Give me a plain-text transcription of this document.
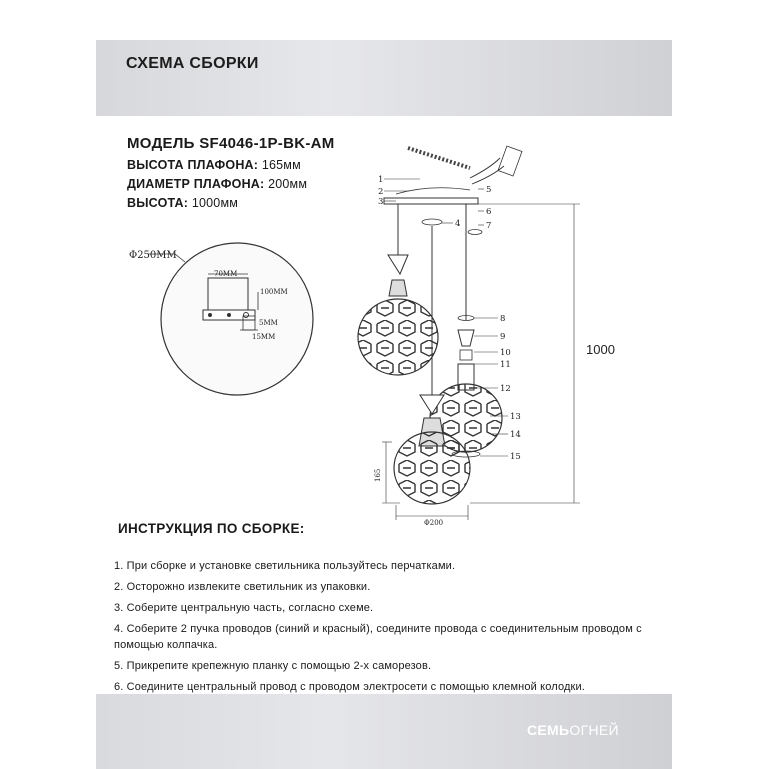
СХЕМА СБОРКИ
МОДЕЛЬ SF4046-1P-BK-AM
ВЫСОТА ПЛАФОНА: 165мм
ДИАМЕТР ПЛАФОНА: 200мм
ВЫСОТА: 1000мм
Φ250MM
70MM
100MM
5MM
15MM
1
2
3
4
5
6
7
8
9
10
11
12
13
14
15
1000
165
Φ200
ИНСТРУКЦИЯ ПО СБОРКЕ:
1. При сборке и установке светильника пользуйтесь перчатками.
2. Осторожно извлеките светильник из упаковки.
3. Соберите центральную часть, согласно схеме.
4. Соберите 2 пучка проводов (синий и красный), соедините провода с соединительным проводом с помощью колпачка.
5. Прикрепите крепежную планку с помощью 2-х саморезов.
6. Соедините центральный провод с проводом электросети с помощью клемной колодки.
СЕМЬОГНЕЙ
